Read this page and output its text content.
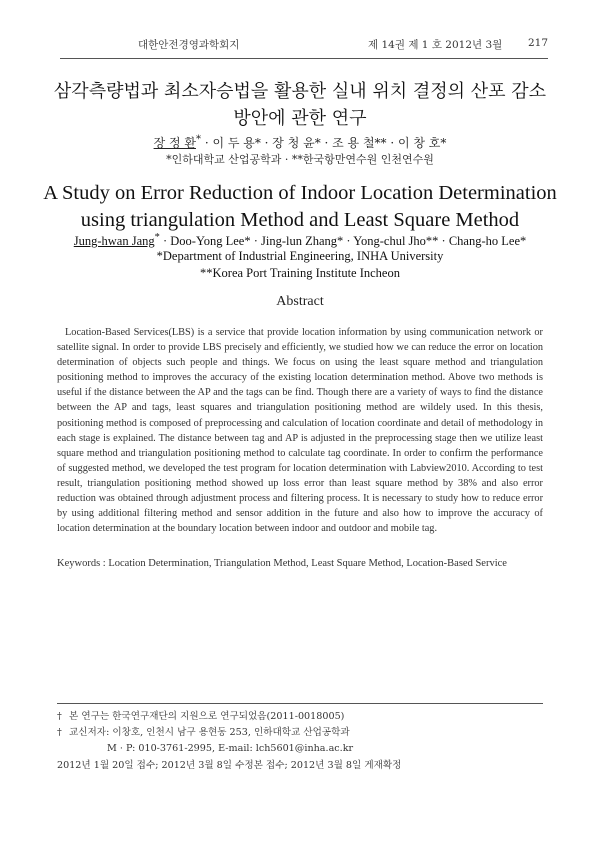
대한안전경영과학회지	제 14권 제 1 호 2012년 3월 217
삼각측량법과 최소자승법을 활용한 실내 위치 결정의 산포 감소
방안에 관한 연구
장 정 환* · 이 두 용* · 장 청 윤* · 조 용 철** · 이 창 호*
*인하대학교 산업공학과 · **한국항만연수원 인천연수원
A Study on Error Reduction of Indoor Location Determination
using triangulation Method and Least Square Method
Jung-hwan Jang* · Doo-Yong Lee* · Jing-lun Zhang* · Yong-chul Jho** · Chang-ho Lee*
*Department of Industrial Engineering, INHA University
**Korea Port Training Institute Incheon
Abstract

Location-Based Services(LBS) is a service that provide location information by using communication network or satellite signal. In order to provide LBS precisely and efficiently, we studied how we can reduce the error on location determination of objects such people and things. We focus on using the least square method and triangulation positioning method to improves the accuracy of the existing location determination method. Above two methods is useful if the distance between the AP and the tags can be find. Though there are a variety of ways to find the distance between the AP and tags, least squares and triangulation positioning method are wildely used. In this thesis, positioning method is composed of preprocessing and calculation of location coordinate and detail of methodology in each stage is explained. The distance between tag and AP is adjusted in the preprocessing stage then we utilize least square method and triangulation positioning method to calculate tag coordinate. In order to confirm the performance of suggested method, we developed the test program for location determination with Labview2010. According to test result, triangulation positioning method showed up loss error than least square method by 38% and also error reduction was obtained through adjustment process and filtering process. It is necessary to study how to reduce error by using additional filtering method and sensor addition in the future and also how to improve the accuracy of location determination at the boundary location between indoor and outdoor and mobile tag.

Keywords : Location Determination, Triangulation Method, Least Square Method, Location-Based Service

† 본 연구는 한국연구재단의 지원으로 연구되었음(2011-0018005)
† 교신저자: 이창호, 인천시 남구 용현동 253, 인하대학교 산업공학과
M · P: 010-3761-2995, E-mail: lch5601@inha.ac.kr
2012년 1월 20일 접수; 2012년 3월 8일 수정본 접수; 2012년 3월 8일 게재확정
